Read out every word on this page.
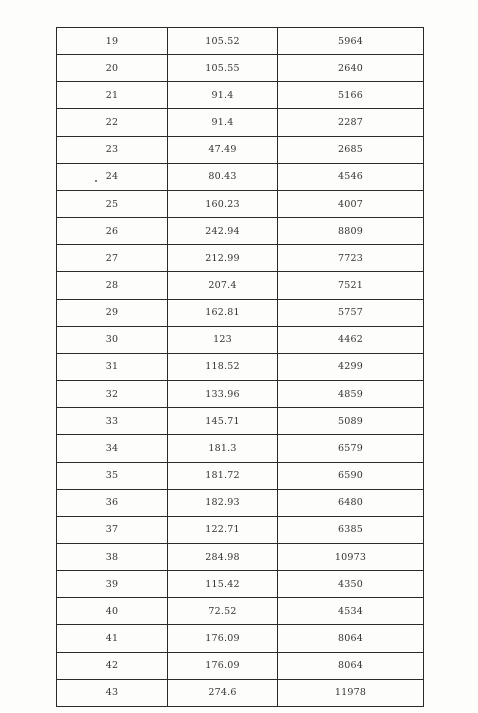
19	105.52	5964
20	105.55	2640
21	91.4	5166
22	91.4	2287
23	47.49	2685
24	80.43	4546
25	160.23	4007
26	242.94	8809
27	212.99	7723
28	207.4	7521
29	162.81	5757
30	123	4462
31	118.52	4299
32	133.96	4859
33	145.71	5089
34	181.3	6579
35	181.72	6590
36	182.93	6480
37	122.71	6385
38	284.98	10973
39	115.42	4350
40	72.52	4534
41	176.09	8064
42	176.09	8064
43	274.6	11978
